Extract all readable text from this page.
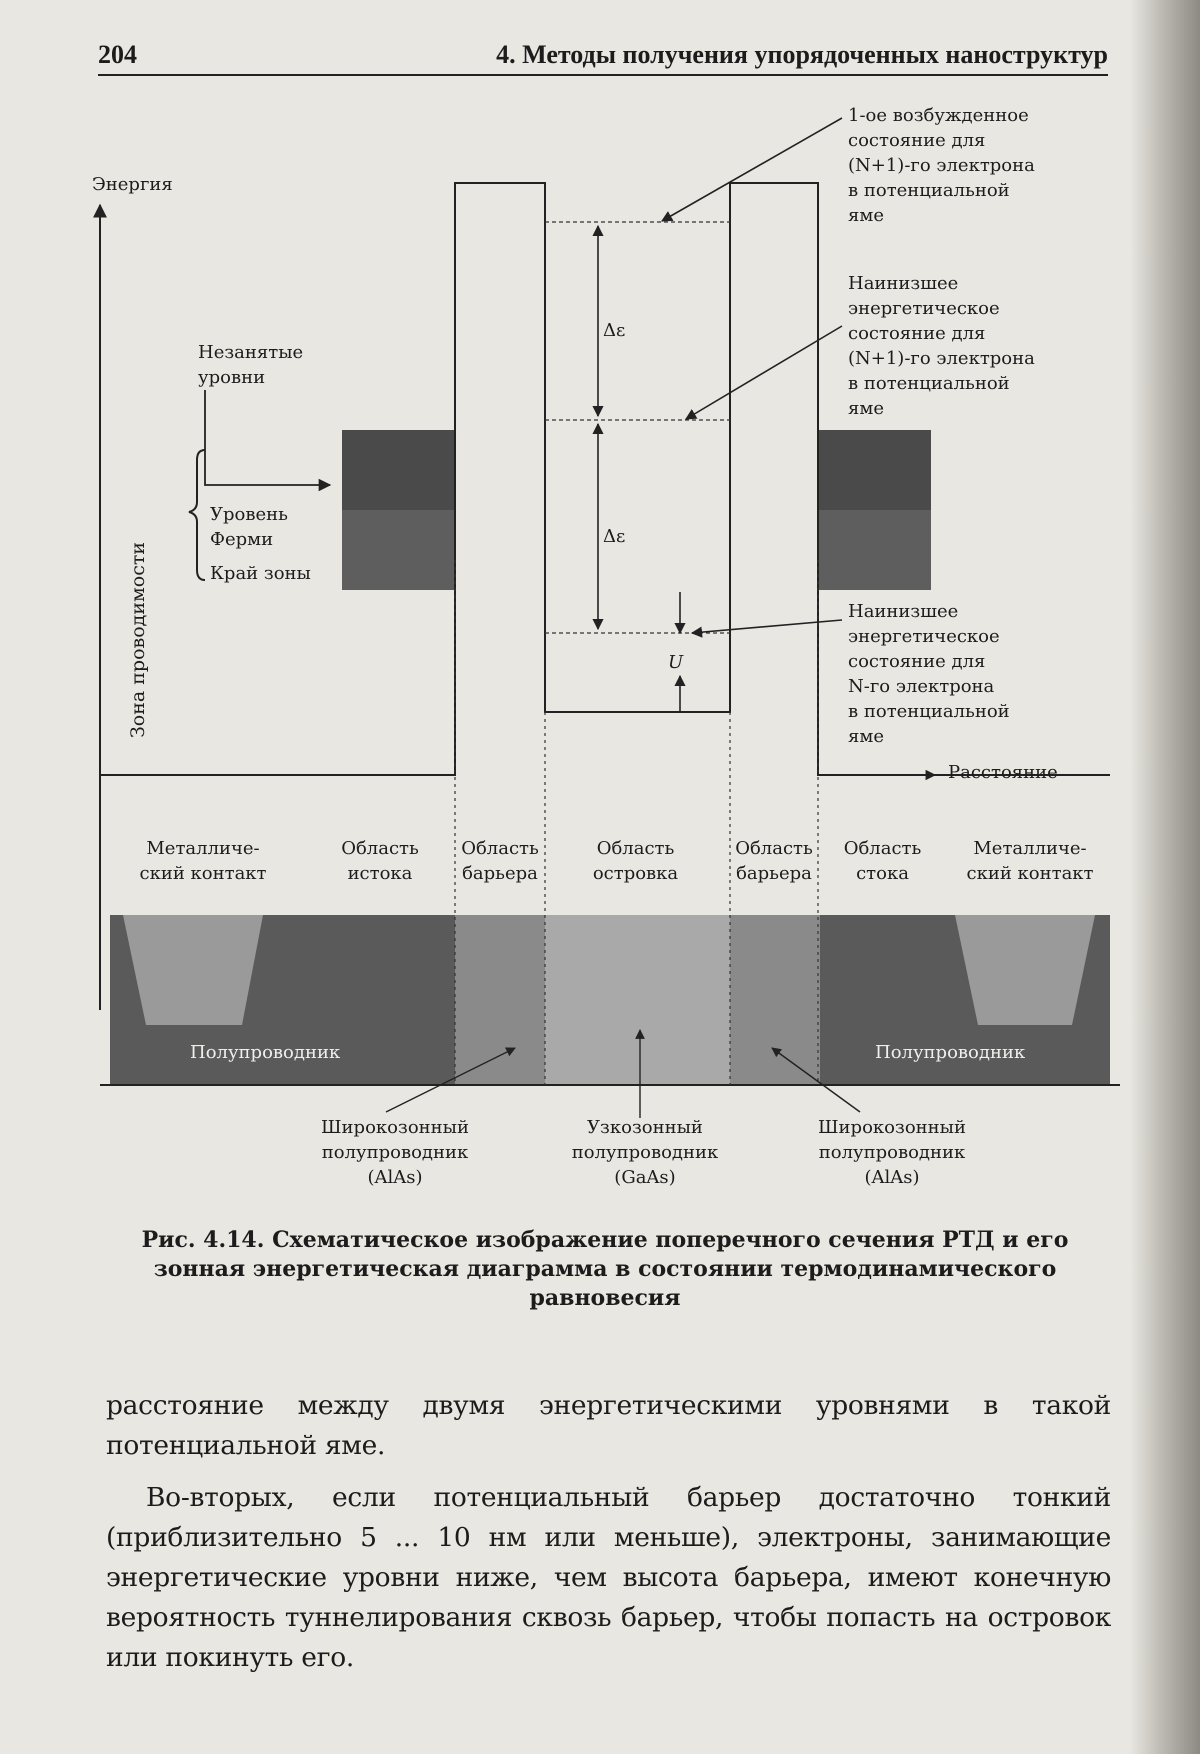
204	4. Методы получения упорядоченных наноструктур
Энергия
Расстояние
Зона проводимости
Незанятые
уровни
Уровень
Ферми
Край зоны
Δε
Δε
U
1-ое возбужденное
состояние для
(N+1)-го электрона
в потенциальной
яме
Наинизшее
энергетическое
состояние для
(N+1)-го электрона
в потенциальной
яме
Наинизшее
энергетическое
состояние для
N-го электрона
в потенциальной
яме
Металличе-
ский контакт
Область
истока
Область
барьера
Область
островка
Область
барьера
Область
стока
Металличе-
ский контакт
Полупроводник	Полупроводник
Широкозонный
полупроводник
(AlAs)
Узкозонный
полупроводник
(GaAs)
Широкозонный
полупроводник
(AlAs)
Рис. 4.14. Схематическое изображение поперечного сечения РТД и его зонная энергетическая диаграмма в состоянии термодинамического равновесия
расстояние между двумя энергетическими уровнями в такой потенциальной яме.
Во-вторых, если потенциальный барьер достаточно тонкий (приблизительно 5 ... 10 нм или меньше), электроны, занимающие энергетические уровни ниже, чем высота барьера, имеют конечную вероятность туннелирования сквозь барьер, чтобы попасть на островок или покинуть его.
